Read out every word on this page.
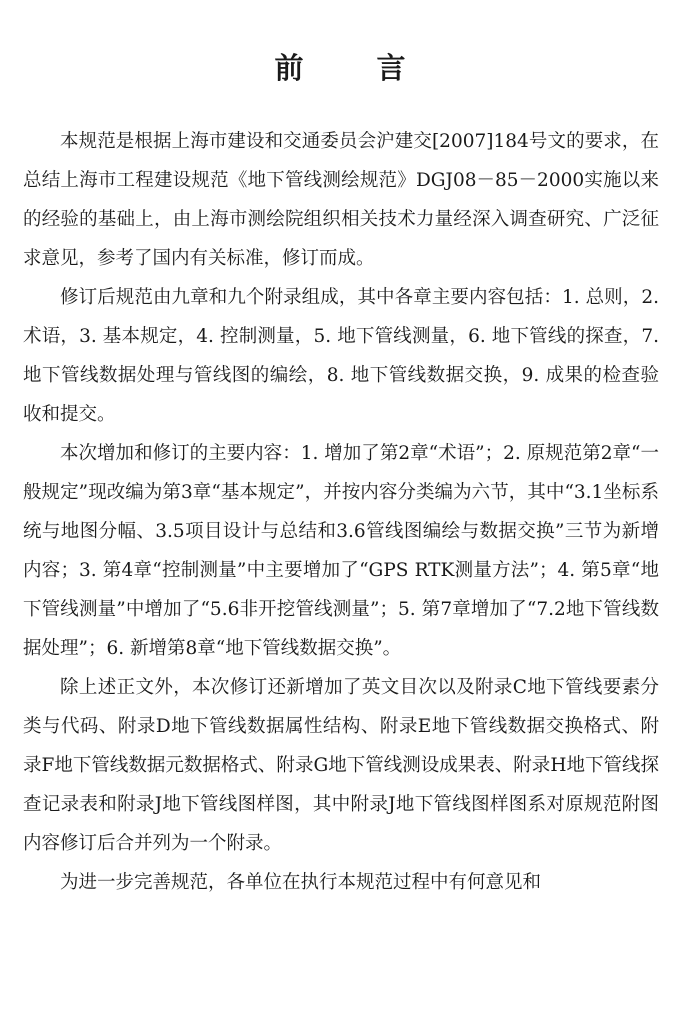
前　言

本规范是根据上海市建设和交通委员会沪建交[2007]184号文的要求，在总结上海市工程建设规范《地下管线测绘规范》DGJ08－85－2000实施以来的经验的基础上，由上海市测绘院组织相关技术力量经深入调查研究、广泛征求意见，参考了国内有关标准，修订而成。

修订后规范由九章和九个附录组成，其中各章主要内容包括：1. 总则，2. 术语，3. 基本规定，4. 控制测量，5. 地下管线测量，6. 地下管线的探查，7. 地下管线数据处理与管线图的编绘，8. 地下管线数据交换，9. 成果的检查验收和提交。

本次增加和修订的主要内容：1. 增加了第2章“术语”；2. 原规范第2章“一般规定”现改编为第3章“基本规定”，并按内容分类编为六节，其中“3.1坐标系统与地图分幅、3.5项目设计与总结和3.6管线图编绘与数据交换”三节为新增内容；3. 第4章“控制测量”中主要增加了“GPS RTK测量方法”；4. 第5章“地下管线测量”中增加了“5.6非开挖管线测量”；5. 第7章增加了“7.2地下管线数据处理”；6. 新增第8章“地下管线数据交换”。

除上述正文外，本次修订还新增加了英文目次以及附录C地下管线要素分类与代码、附录D地下管线数据属性结构、附录E地下管线数据交换格式、附录F地下管线数据元数据格式、附录G地下管线测设成果表、附录H地下管线探查记录表和附录J地下管线图样图，其中附录J地下管线图样图系对原规范附图内容修订后合并列为一个附录。

为进一步完善规范，各单位在执行本规范过程中有何意见和
